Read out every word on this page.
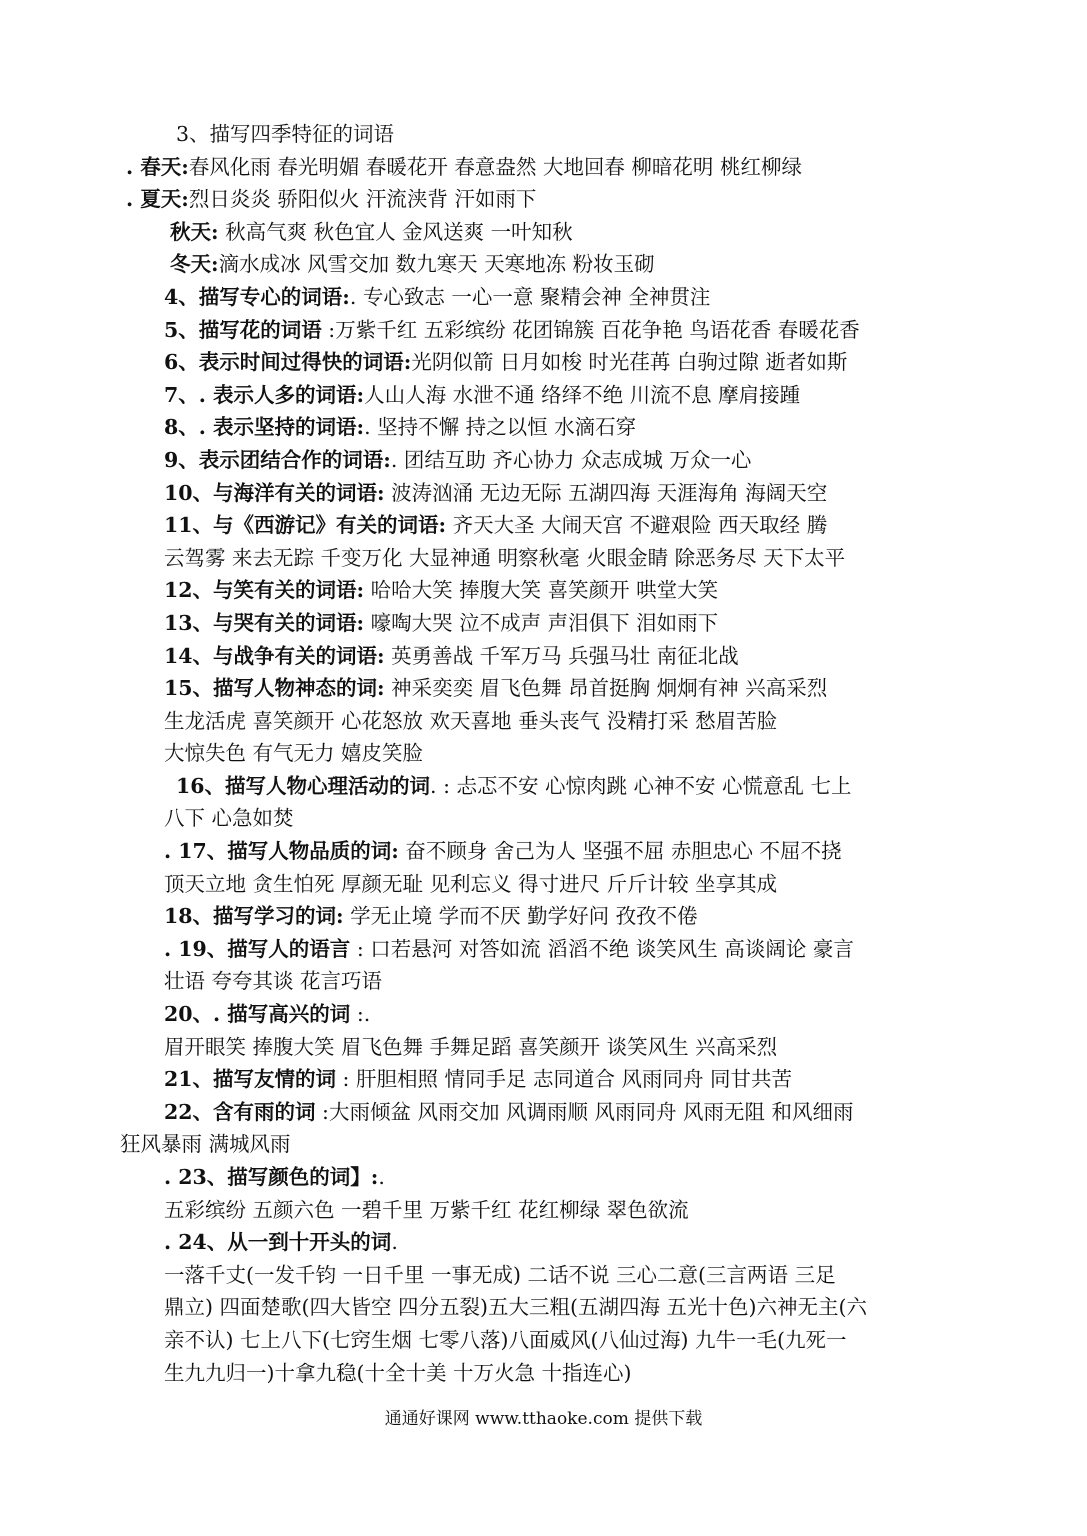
3、描写四季特征的词语
. 春天:春风化雨 春光明媚 春暖花开 春意盎然 大地回春 柳暗花明 桃红柳绿
. 夏天:烈日炎炎 骄阳似火 汗流浃背 汗如雨下
秋天: 秋高气爽 秋色宜人 金风送爽 一叶知秋
冬天:滴水成冰 风雪交加 数九寒天 天寒地冻 粉妆玉砌
4、描写专心的词语:. 专心致志 一心一意 聚精会神 全神贯注
5、描写花的词语 :万紫千红 五彩缤纷 花团锦簇 百花争艳 鸟语花香 春暖花香
6、表示时间过得快的词语:光阴似箭 日月如梭 时光荏苒 白驹过隙 逝者如斯
7、. 表示人多的词语:人山人海 水泄不通 络绎不绝 川流不息 摩肩接踵
8、. 表示坚持的词语:. 坚持不懈 持之以恒 水滴石穿
9、表示团结合作的词语:. 团结互助 齐心协力 众志成城 万众一心
10、与海洋有关的词语: 波涛汹涌 无边无际 五湖四海 天涯海角 海阔天空
11、与《西游记》有关的词语: 齐天大圣 大闹天宫 不避艰险 西天取经 腾
云驾雾 来去无踪 千变万化 大显神通 明察秋毫 火眼金睛 除恶务尽 天下太平
12、与笑有关的词语: 哈哈大笑 捧腹大笑 喜笑颜开 哄堂大笑
13、与哭有关的词语: 嚎啕大哭 泣不成声 声泪俱下 泪如雨下
14、与战争有关的词语: 英勇善战 千军万马 兵强马壮 南征北战
15、描写人物神态的词: 神采奕奕 眉飞色舞 昂首挺胸 炯炯有神 兴高采烈
生龙活虎 喜笑颜开 心花怒放 欢天喜地 垂头丧气 没精打采 愁眉苦脸
大惊失色 有气无力 嬉皮笑脸
16、描写人物心理活动的词. : 忐忑不安 心惊肉跳 心神不安 心慌意乱 七上
八下 心急如焚
. 17、描写人物品质的词: 奋不顾身 舍己为人 坚强不屈 赤胆忠心 不屈不挠
顶天立地 贪生怕死 厚颜无耻 见利忘义 得寸进尺 斤斤计较 坐享其成
18、描写学习的词: 学无止境 学而不厌 勤学好问 孜孜不倦
. 19、描写人的语言 : 口若悬河 对答如流 滔滔不绝 谈笑风生 高谈阔论 豪言
壮语 夸夸其谈 花言巧语
20、. 描写高兴的词 :.
眉开眼笑 捧腹大笑 眉飞色舞 手舞足蹈 喜笑颜开 谈笑风生 兴高采烈
21、描写友情的词 : 肝胆相照 情同手足 志同道合 风雨同舟 同甘共苦
22、含有雨的词 :大雨倾盆 风雨交加 风调雨顺 风雨同舟 风雨无阻 和风细雨
狂风暴雨 满城风雨
. 23、描写颜色的词】:.
五彩缤纷 五颜六色 一碧千里 万紫千红 花红柳绿 翠色欲流
. 24、从一到十开头的词.
一落千丈(一发千钧 一日千里 一事无成) 二话不说 三心二意(三言两语 三足
鼎立) 四面楚歌(四大皆空 四分五裂)五大三粗(五湖四海 五光十色)六神无主(六
亲不认) 七上八下(七窍生烟 七零八落)八面威风(八仙过海) 九牛一毛(九死一
生九九归一)十拿九稳(十全十美 十万火急 十指连心)
通通好课网 www.tthaoke.com 提供下载
